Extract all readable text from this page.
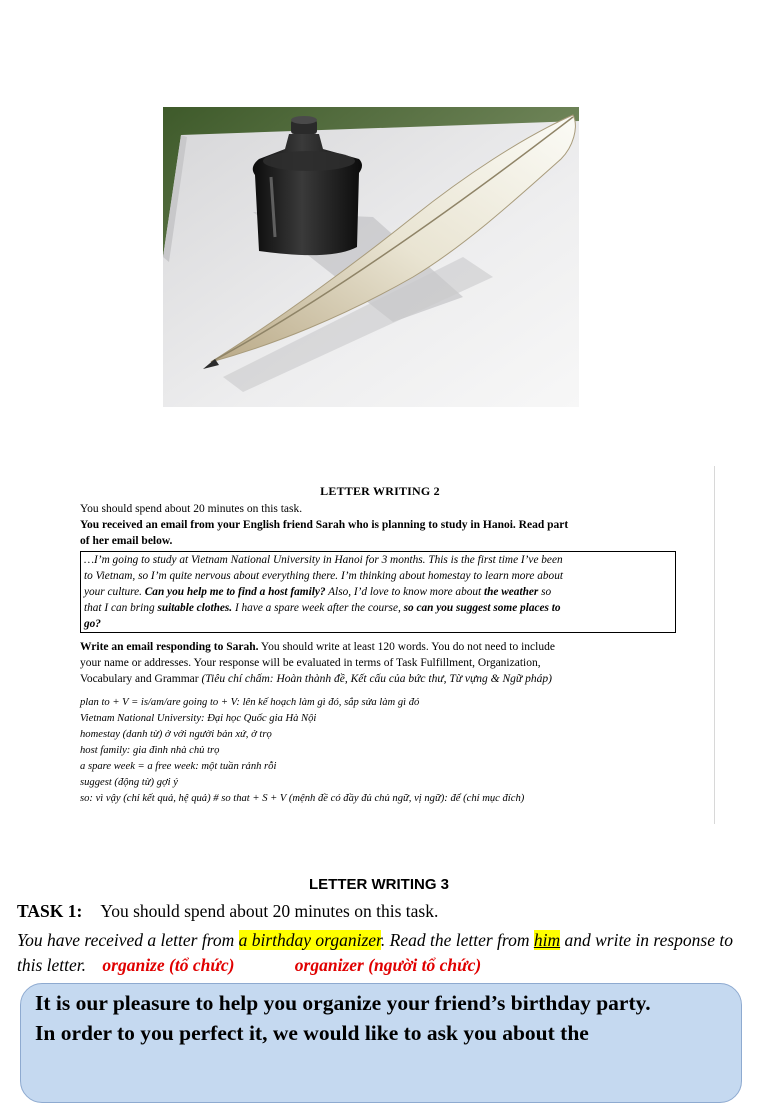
LETTER WRITING 2

You should spend about 20 minutes on this task.

You received an email from your English friend Sarah who is planning to study in Hanoi. Read part

of her email below.

…I’m going to study at Vietnam National University in Hanoi for 3 months. This is the first time I’ve been
to Vietnam, so I’m quite nervous about everything there. I’m thinking about homestay to learn more about
your culture. Can you help me to find a host family? Also, I’d love to know more about the weather so
that I can bring suitable clothes. I have a spare week after the course, so can you suggest some places to
go?

Write an email responding to Sarah. You should write at least 120 words. You do not need to include

your name or addresses. Your response will be evaluated in terms of Task Fulfillment, Organization,

Vocabulary and Grammar (Tiêu chí chấm: Hoàn thành đề, Kết cấu của bức thư, Từ vựng & Ngữ pháp)

plan to + V = is/am/are going to + V: lên kế hoạch làm gì đó, sắp sửa làm gì đó

Vietnam National University: Đại học Quốc gia Hà Nội

homestay (danh từ) ở với người bản xứ, ở trọ

host family: gia đình nhà chủ trọ

a spare week = a free week: một tuần rảnh rỗi

suggest (động từ) gợi ý

so: vì vậy (chỉ kết quả, hệ quả) # so that + S + V (mệnh đề có đầy đủ chủ ngữ, vị ngữ): để (chỉ mục đích)

LETTER WRITING 3
TASK 1: You should spend about 20 minutes on this task.
You have received a letter from a birthday organizer. Read the letter from him and write in response to this letter. organize (tổ chức)	organizer (người tổ chức)
It is our pleasure to help you organize your friend’s birthday party.
In order to you perfect it, we would like to ask you about the
